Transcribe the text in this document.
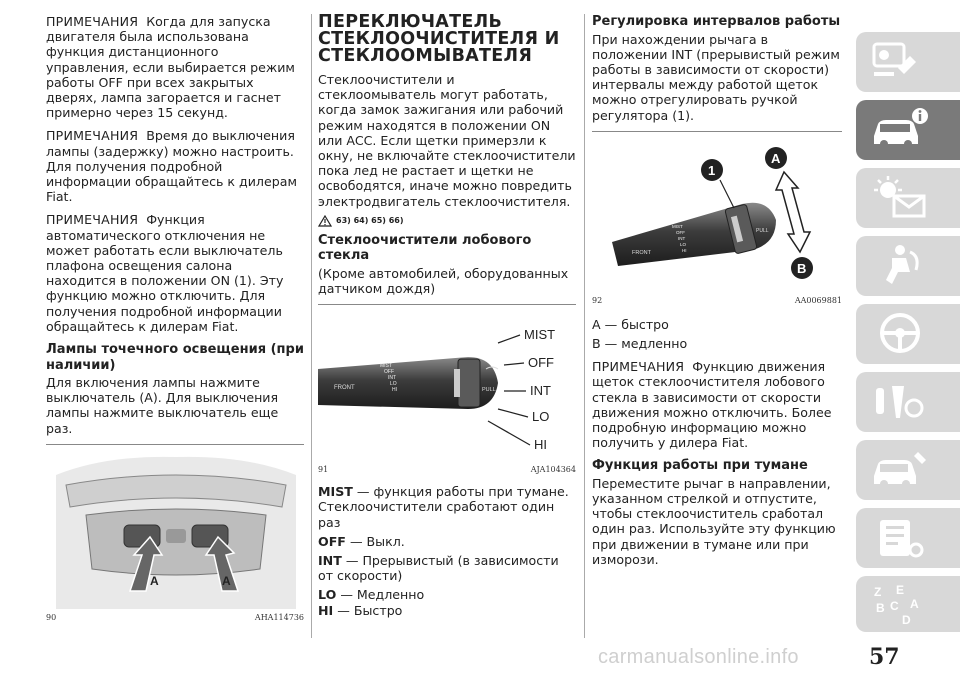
ПРИМЕЧАНИЯ Когда для запуска двигателя была использована функция дистанционного управления, если выбирается режим работы OFF при всех закрытых дверях, лампа загорается и гаснет примерно через 15 секунд.

ПРИМЕЧАНИЯ Время до выключения лампы (задержку) можно настроить. Для получения подробной информации обращайтесь к дилерам Fiat.

ПРИМЕЧАНИЯ Функция автоматического отключения не может работать если выключатель плафона освещения салона находится в положении ON (1). Эту функцию можно отключить. Для получения подробной информации обращайтесь к дилерам Fiat.

Лампы точечного освещения (при наличии)

Для включения лампы нажмите выключатель (А). Для выключения лампы нажмите выключатель еще раз.

A	A
90	AHA114736
ПЕРЕКЛЮЧАТЕЛЬ СТЕКЛООЧИСТИТЕЛЯ И СТЕКЛООМЫВАТЕЛЯ

Стеклоочистители и стеклоомыватель могут работать, когда замок зажигания или рабочий режим находятся в положении ON или ACC. Если щетки примерзли к окну, не включайте стеклоочистители пока лед не растает и щетки не освободятся, иначе можно повредить электродвигатель стеклоочистителя.

63) 64) 65) 66)
Стеклоочистители лобового стекла

(Кроме автомобилей, оборудованных датчиком дождя)

FRONT
MIST
OFF
INT
LO
HI	PULL
MIST
OFF
INT
LO
HI
91	AJA104364

MIST — функция работы при тумане. Стеклоочистители сработают один раз

OFF — Выкл.

INT — Прерывистый (в зависимости от скорости)

LO — Медленно

HI — Быстро

Регулировка интервалов работы

При нахождении рычага в положении INT (прерывистый режим работы в зависимости от скорости) интервалы между работой щеток можно отрегулировать ручкой регулятора (1).

FRONT
MIST
OFF
INT
LO
HI
PULL
1
A
B
92	AA0069881

A — быстро

B — медленно

ПРИМЕЧАНИЯ Функцию движения щеток стеклоочистителя лобового стекла в зависимости от скорости движения можно отключить. Более подробную информацию можно получить у дилера Fiat.

Функция работы при тумане

Переместите рычаг в направлении, указанном стрелкой и отпустите, чтобы стеклоочиститель сработал один раз. Используйте эту функцию при движении в тумане или при изморози.

Z E
B C A
D
57
carmanualsonline.info
